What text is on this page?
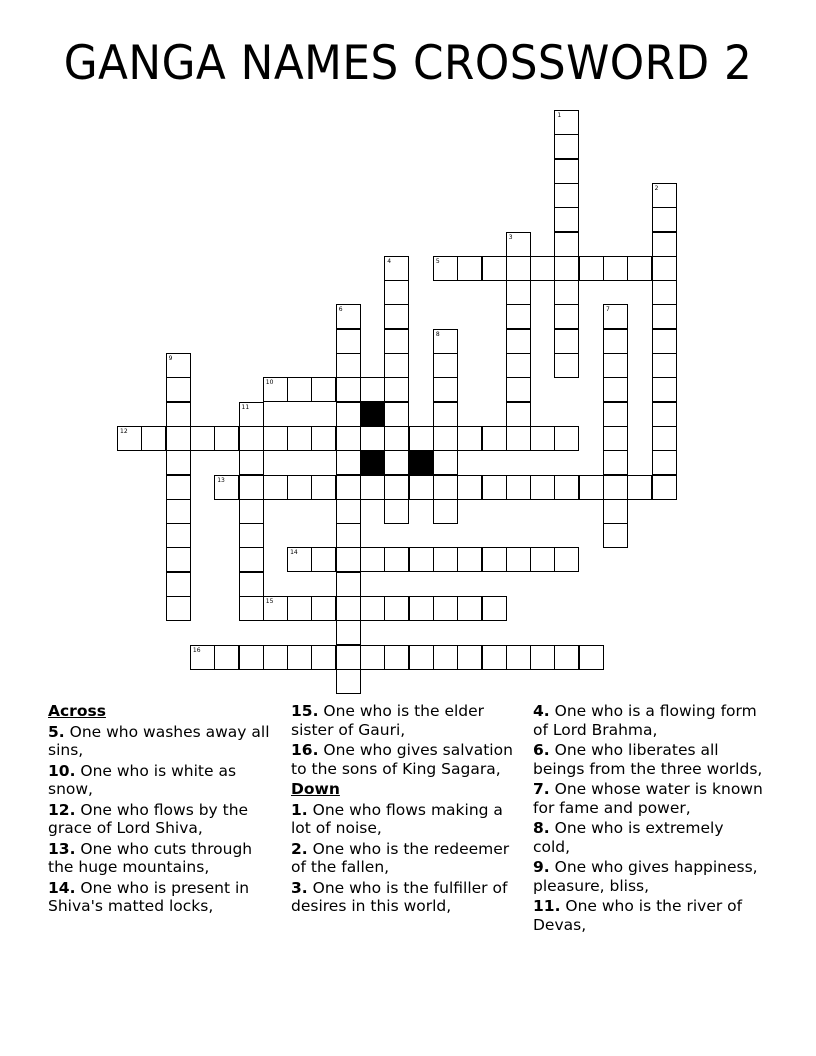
GANGA NAMES CROSSWORD 2
5
10
12
13
14
15
16
1
2
3
4
6	7
8
9
11
Across
5. One who washes away all sins,
10. One who is white as snow,
12. One who flows by the grace of Lord Shiva,
13. One who cuts through the huge mountains,
14. One who is present in Shiva's matted locks,
15. One who is the elder sister of Gauri,
16. One who gives salvation to the sons of King Sagara,
Down
1. One who flows making a lot of noise,
2. One who is the redeemer of the fallen,
3. One who is the fulfiller of desires in this world,
4. One who is a flowing form of Lord Brahma,
6. One who liberates all beings from the three worlds,
7. One whose water is known for fame and power,
8. One who is extremely cold,
9. One who gives happiness, pleasure, bliss,
11. One who is the river of Devas,
